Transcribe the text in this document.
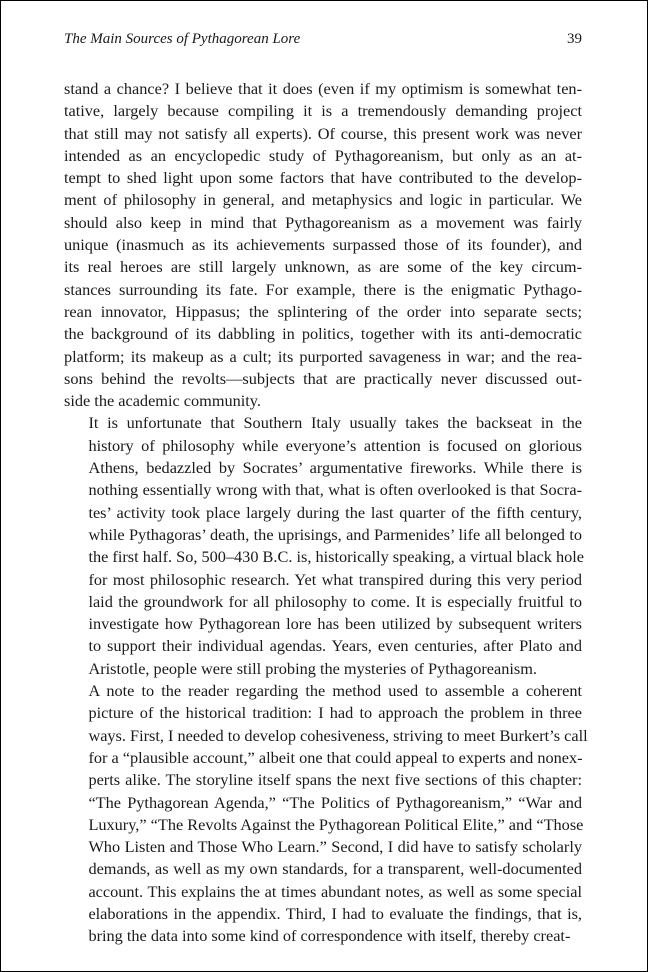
The Main Sources of Pythagorean Lore	39

stand a chance? I believe that it does (even if my optimism is somewhat ten-
tative, largely because compiling it is a tremendously demanding project
that still may not satisfy all experts). Of course, this present work was never
intended as an encyclopedic study of Pythagoreanism, but only as an at-
tempt to shed light upon some factors that have contributed to the develop-
ment of philosophy in general, and metaphysics and logic in particular. We
should also keep in mind that Pythagoreanism as a movement was fairly
unique (inasmuch as its achievements surpassed those of its founder), and
its real heroes are still largely unknown, as are some of the key circum-
stances surrounding its fate. For example, there is the enigmatic Pythago-
rean innovator, Hippasus; the splintering of the order into separate sects;
the background of its dabbling in politics, together with its anti-democratic
platform; its makeup as a cult; its purported savageness in war; and the rea-
sons behind the revolts—subjects that are practically never discussed out-
side the academic community.

It is unfortunate that Southern Italy usually takes the backseat in the
history of philosophy while everyone’s attention is focused on glorious
Athens, bedazzled by Socrates’ argumentative fireworks. While there is
nothing essentially wrong with that, what is often overlooked is that Socra-
tes’ activity took place largely during the last quarter of the fifth century,
while Pythagoras’ death, the uprisings, and Parmenides’ life all belonged to
the first half. So, 500–430 B.C. is, historically speaking, a virtual black hole
for most philosophic research. Yet what transpired during this very period
laid the groundwork for all philosophy to come. It is especially fruitful to
investigate how Pythagorean lore has been utilized by subsequent writers
to support their individual agendas. Years, even centuries, after Plato and
Aristotle, people were still probing the mysteries of Pythagoreanism.

A note to the reader regarding the method used to assemble a coherent
picture of the historical tradition: I had to approach the problem in three
ways. First, I needed to develop cohesiveness, striving to meet Burkert’s call
for a “plausible account,” albeit one that could appeal to experts and nonex-
perts alike. The storyline itself spans the next five sections of this chapter:
“The Pythagorean Agenda,” “The Politics of Pythagoreanism,” “War and
Luxury,” “The Revolts Against the Pythagorean Political Elite,” and “Those
Who Listen and Those Who Learn.” Second, I did have to satisfy scholarly
demands, as well as my own standards, for a transparent, well-documented
account. This explains the at times abundant notes, as well as some special
elaborations in the appendix. Third, I had to evaluate the findings, that is,
bring the data into some kind of correspondence with itself, thereby creat-
